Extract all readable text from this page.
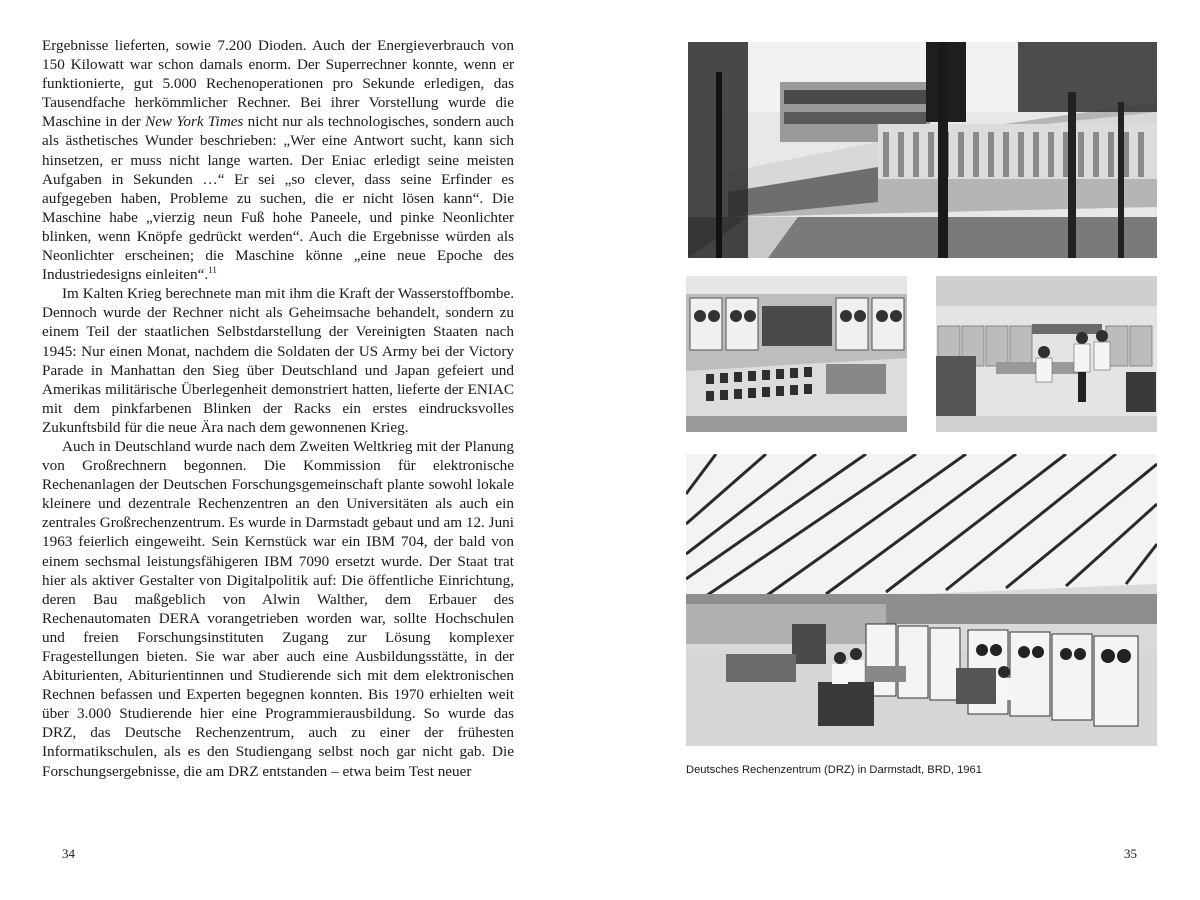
Ergebnisse lieferten, sowie 7.200 Dioden. Auch der Energieverbrauch von 150 Kilowatt war schon damals enorm. Der Superrechner konnte, wenn er funktionierte, gut 5.000 Rechenoperationen pro Sekunde erledigen, das Tausendfache herkömmlicher Rechner. Bei ihrer Vorstellung wurde die Maschine in der New York Times nicht nur als technologisches, sondern auch als ästhetisches Wunder beschrieben: „Wer eine Antwort sucht, kann sich hinsetzen, er muss nicht lange warten. Der Eniac erledigt seine meisten Aufgaben in Sekunden …“ Er sei „so clever, dass seine Erfinder es aufgegeben haben, Probleme zu suchen, die er nicht lösen kann“. Die Maschine habe „vierzig neun Fuß hohe Paneele, und pinke Neonlichter blinken, wenn Knöpfe gedrückt werden“. Auch die Ergebnisse würden als Neonlichter erscheinen; die Maschine könne „eine neue Epoche des Industriedesigns einleiten“.$^{11}$

Im Kalten Krieg berechnete man mit ihm die Kraft der Wasserstoffbombe. Dennoch wurde der Rechner nicht als Geheimsache behandelt, sondern zu einem Teil der staatlichen Selbstdarstellung der Vereinigten Staaten nach 1945: Nur einen Monat, nachdem die Soldaten der US Army bei der Victory Parade in Manhattan den Sieg über Deutschland und Japan gefeiert und Amerikas militärische Überlegenheit demonstriert hatten, lieferte der ENIAC mit dem pinkfarbenen Blinken der Racks ein erstes eindrucksvolles Zukunftsbild für die neue Ära nach dem gewonnenen Krieg.

Auch in Deutschland wurde nach dem Zweiten Weltkrieg mit der Planung von Großrechnern begonnen. Die Kommission für elektronische Rechenanlagen der Deutschen Forschungsgemeinschaft plante sowohl lokale kleinere und dezentrale Rechenzentren an den Universitäten als auch ein zentrales Großrechenzentrum. Es wurde in Darmstadt gebaut und am 12. Juni 1963 feierlich eingeweiht. Sein Kernstück war ein IBM 704, der bald von einem sechsmal leistungsfähigeren IBM 7090 ersetzt wurde. Der Staat trat hier als aktiver Gestalter von Digitalpolitik auf: Die öffentliche Einrichtung, deren Bau maßgeblich von Alwin Walther, dem Erbauer des Rechenautomaten DERA vorangetrieben worden war, sollte Hochschulen und freien Forschungsinstituten Zugang zur Lösung komplexer Fragestellungen bieten. Sie war aber auch eine Ausbildungsstätte, in der Abiturienten, Abiturientinnen und Studierende sich mit dem elektronischen Rechnen befassen und Experten begegnen konnten. Bis 1970 erhielten weit über 3.000 Studierende hier eine Programmierausbildung. So wurde das DRZ, das Deutsche Rechenzentrum, auch zu einer der frühesten Informatikschulen, als es den Studiengang selbst noch gar nicht gab. Die Forschungsergebnisse, die am DRZ entstanden – etwa beim Test neuer

34
Deutsches Rechenzentrum (DRZ) in Darmstadt, BRD, 1961
35
